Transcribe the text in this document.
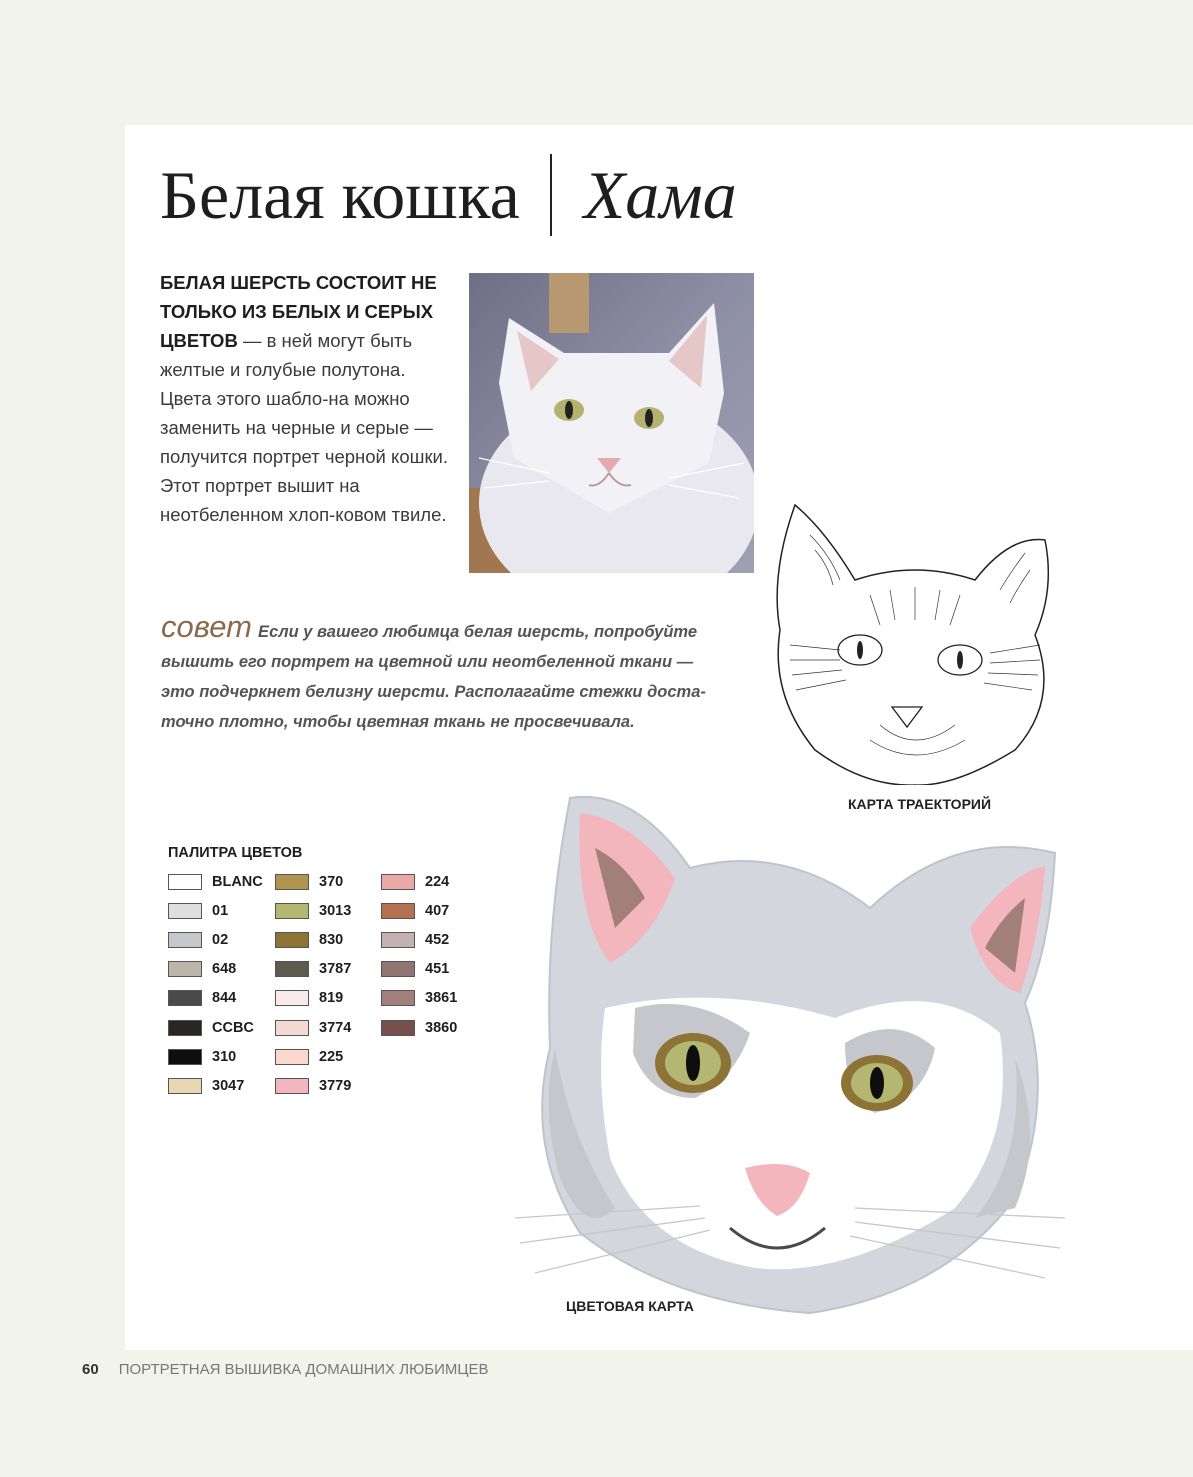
Белая кошка Хама
БЕЛАЯ ШЕРСТЬ СОСТОИТ НЕ ТОЛЬКО ИЗ БЕЛЫХ И СЕРЫХ ЦВЕТОВ — в ней могут быть желтые и голубые полутона. Цвета этого шабло-на можно заменить на черные и серые — получится портрет черной кошки. Этот портрет вышит на неотбеленном хлоп-ковом твиле.
совет Если у вашего любимца белая шерсть, попробуйте вышить его портрет на цветной или неотбеленной ткани — это подчеркнет белизну шерсти. Располагайте стежки доста-точно плотно, чтобы цветная ткань не просвечивала.
КАРТА ТРАЕКТОРИЙ
ЦВЕТОВАЯ КАРТА
ПАЛИТРА ЦВЕТОВ
BLANC
01
02
648
844
CCBC
310
3047
370
3013
830
3787
819
3774
225
3779
224
407
452
451
3861
3860
60 ПОРТРЕТНАЯ ВЫШИВКА ДОМАШНИХ ЛЮБИМЦЕВ
